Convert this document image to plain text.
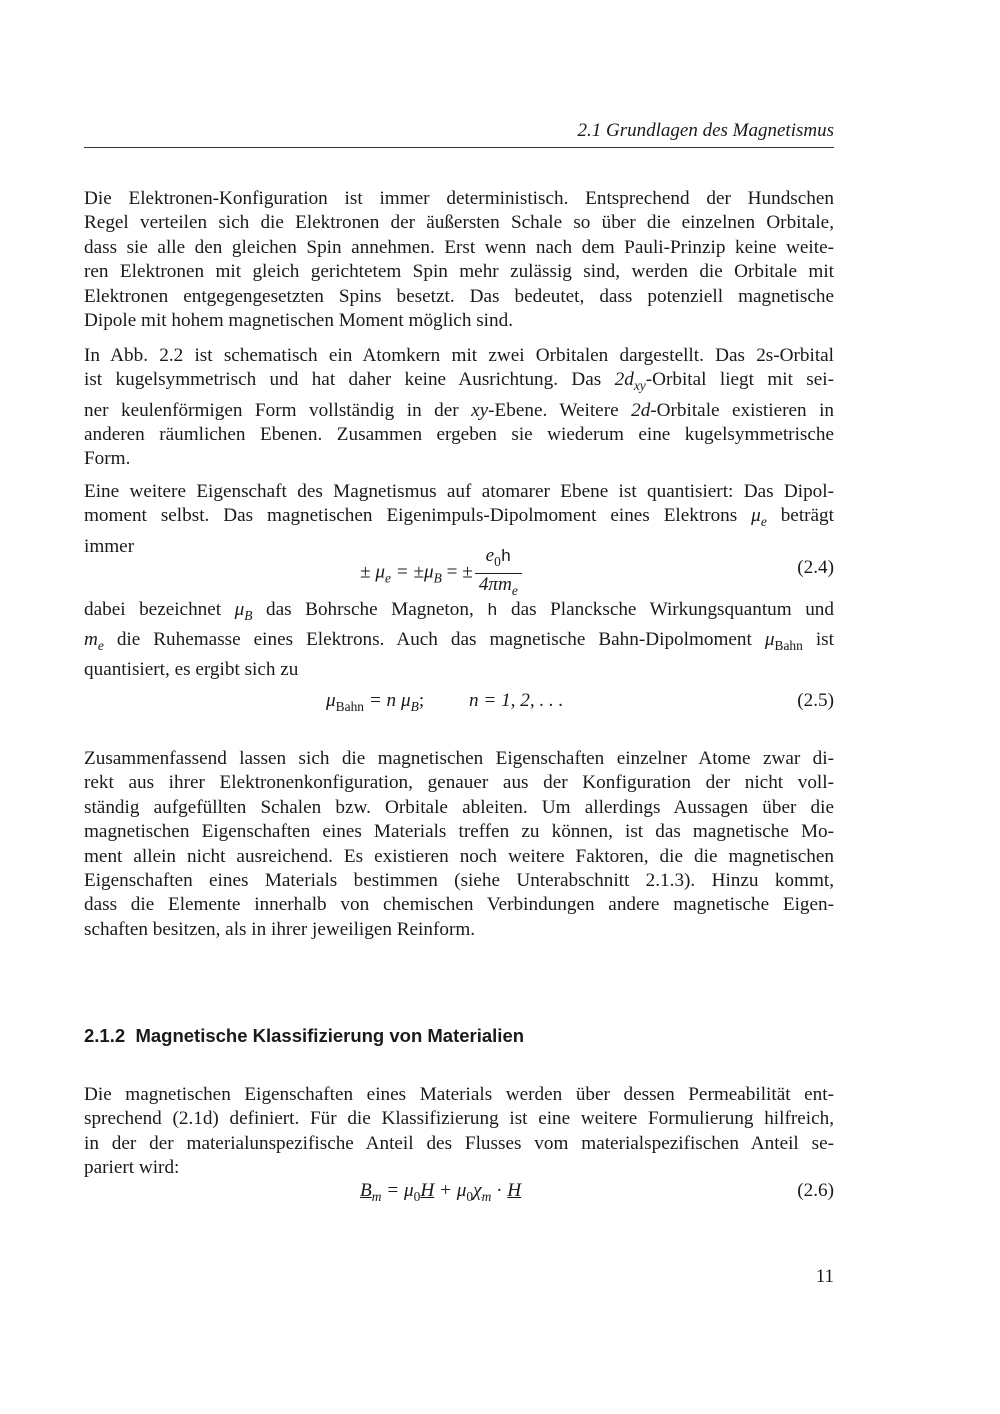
2.1 Grundlagen des Magnetismus
Die Elektronen-Konfiguration ist immer deterministisch. Entsprechend der Hundschen
Regel verteilen sich die Elektronen der äußersten Schale so über die einzelnen Orbitale,
dass sie alle den gleichen Spin annehmen. Erst wenn nach dem Pauli-Prinzip keine weite-
ren Elektronen mit gleich gerichtetem Spin mehr zulässig sind, werden die Orbitale mit
Elektronen entgegengesetzten Spins besetzt. Das bedeutet, dass potenziell magnetische
Dipole mit hohem magnetischen Moment möglich sind.
In Abb. 2.2 ist schematisch ein Atomkern mit zwei Orbitalen dargestellt. Das 2s-Orbital
ist kugelsymmetrisch und hat daher keine Ausrichtung. Das $2d_{xy}$-Orbital liegt mit sei-
ner keulenförmigen Form vollständig in der xy-Ebene. Weitere 2d-Orbitale existieren in
anderen räumlichen Ebenen. Zusammen ergeben sie wiederum eine kugelsymmetrische
Form.
Eine weitere Eigenschaft des Magnetismus auf atomarer Ebene ist quantisiert: Das Dipol-
moment selbst. Das magnetischen Eigenimpuls-Dipolmoment eines Elektrons $\mu_e$ beträgt
immer
± $\mu_e = \pm\mu_B$ = ± $\frac{e_0h}{4\pi m_e}$	(2.4)
dabei bezeichnet $\mu_B$ das Bohrsche Magneton, h das Plancksche Wirkungsquantum und
$m_e$ die Ruhemasse eines Elektrons. Auch das magnetische Bahn-Dipolmoment $\mu_{Bahn}$ ist
quantisiert, es ergibt sich zu
$\mu_{Bahn} = n$ $\mu_B$; n = 1, 2, . . .	(2.5)
Zusammenfassend lassen sich die magnetischen Eigenschaften einzelner Atome zwar di-
rekt aus ihrer Elektronenkonfiguration, genauer aus der Konfiguration der nicht voll-
ständig aufgefüllten Schalen bzw. Orbitale ableiten. Um allerdings Aussagen über die
magnetischen Eigenschaften eines Materials treffen zu können, ist das magnetische Mo-
ment allein nicht ausreichend. Es existieren noch weitere Faktoren, die die magnetischen
Eigenschaften eines Materials bestimmen (siehe Unterabschnitt 2.1.3). Hinzu kommt,
dass die Elemente innerhalb von chemischen Verbindungen andere magnetische Eigen-
schaften besitzen, als in ihrer jeweiligen Reinform.
2.1.2 Magnetische Klassifizierung von Materialien
Die magnetischen Eigenschaften eines Materials werden über dessen Permeabilität ent-
sprechend (2.1d) definiert. Für die Klassifizierung ist eine weitere Formulierung hilfreich,
in der der materialunspezifische Anteil des Flusses vom materialspezifischen Anteil se-
pariert wird:
$B_m = \mu_0H + \mu_0\chi_m \cdot H$	(2.6)
11
